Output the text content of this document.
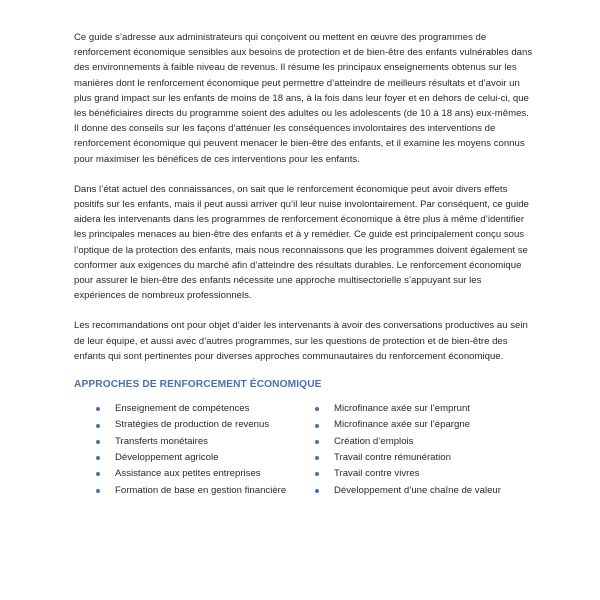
Ce guide s’adresse aux administrateurs qui conçoivent ou mettent en œuvre des programmes de renforcement économique sensibles aux besoins de protection et de bien-être des enfants vulnérables dans des environnements à faible niveau de revenus. Il résume les principaux enseignements obtenus sur les manières dont le renforcement économique peut permettre d’atteindre de meilleurs résultats et d’avoir un plus grand impact sur les enfants de moins de 18 ans, à la fois dans leur foyer et en dehors de celui-ci, que les bénéficiaires directs du programme soient des adultes ou les adolescents (de 10 à 18 ans) eux-mêmes. Il donne des conseils sur les façons d’atténuer les conséquences involontaires des interventions de renforcement économique qui peuvent menacer le bien-être des enfants, et il examine les moyens connus pour maximiser les bénéfices de ces interventions pour les enfants.

Dans l’état actuel des connaissances, on sait que le renforcement économique peut avoir divers effets positifs sur les enfants, mais il peut aussi arriver qu’il leur nuise involontairement. Par conséquent, ce guide aidera les intervenants dans les programmes de renforcement économique à être plus à même d’identifier les principales menaces au bien-être des enfants et à y remédier. Ce guide est principalement conçu sous l’optique de la protection des enfants, mais nous reconnaissons que les programmes doivent également se conformer aux exigences du marché afin d’atteindre des résultats durables. Le renforcement économique pour assurer le bien-être des enfants nécessite une approche multisectorielle s’appuyant sur les expériences de nombreux professionnels.

Les recommandations ont pour objet d’aider les intervenants à avoir des conversations productives au sein de leur équipe, et aussi avec d’autres programmes, sur les questions de protection et de bien-être des enfants qui sont pertinentes pour diverses approches communautaires du renforcement économique.

APPROCHES DE RENFORCEMENT ÉCONOMIQUE
Enseignement de compétences
Stratégies de production de revenus
Transferts monétaires
Développement agricole
Assistance aux petites entreprises
Formation de base en gestion financière
Microfinance axée sur l’emprunt
Microfinance axée sur l’épargne
Création d’emplois
Travail contre rémunération
Travail contre vivres
Développement d’une chaîne de valeur
